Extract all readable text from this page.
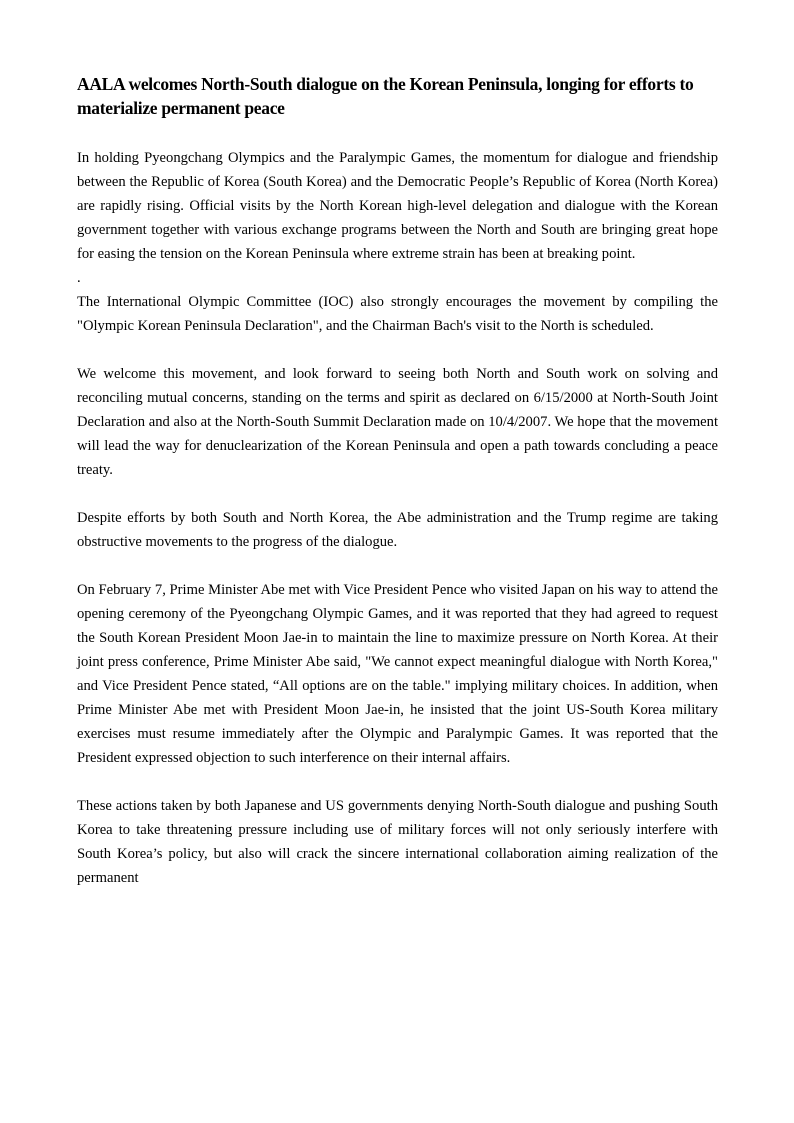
AALA welcomes North-South dialogue on the Korean Peninsula, longing for efforts to materialize permanent peace

In holding Pyeongchang Olympics and the Paralympic Games, the momentum for dialogue and friendship between the Republic of Korea (South Korea) and the Democratic People’s Republic of Korea (North Korea) are rapidly rising. Official visits by the North Korean high-level delegation and dialogue with the Korean government together with various exchange programs between the North and South are bringing great hope for easing the tension on the Korean Peninsula where extreme strain has been at breaking point.

.

The International Olympic Committee (IOC) also strongly encourages the movement by compiling the "Olympic Korean Peninsula Declaration", and the Chairman Bach's visit to the North is scheduled.

We welcome this movement, and look forward to seeing both North and South work on solving and reconciling mutual concerns, standing on the terms and spirit as declared on 6/15/2000 at North-South Joint Declaration and also at the North-South Summit Declaration made on 10/4/2007. We hope that the movement will lead the way for denuclearization of the Korean Peninsula and open a path towards concluding a peace treaty.

Despite efforts by both South and North Korea, the Abe administration and the Trump regime are taking obstructive movements to the progress of the dialogue.

On February 7, Prime Minister Abe met with Vice President Pence who visited Japan on his way to attend the opening ceremony of the Pyeongchang Olympic Games, and it was reported that they had agreed to request the South Korean President Moon Jae-in to maintain the line to maximize pressure on North Korea. At their joint press conference, Prime Minister Abe said, "We cannot expect meaningful dialogue with North Korea," and Vice President Pence stated, “All options are on the table." implying military choices. In addition, when Prime Minister Abe met with President Moon Jae-in, he insisted that the joint US-South Korea military exercises must resume immediately after the Olympic and Paralympic Games. It was reported that the President expressed objection to such interference on their internal affairs.

These actions taken by both Japanese and US governments denying North-South dialogue and pushing South Korea to take threatening pressure including use of military forces will not only seriously interfere with South Korea’s policy, but also will crack the sincere international collaboration aiming realization of the permanent
